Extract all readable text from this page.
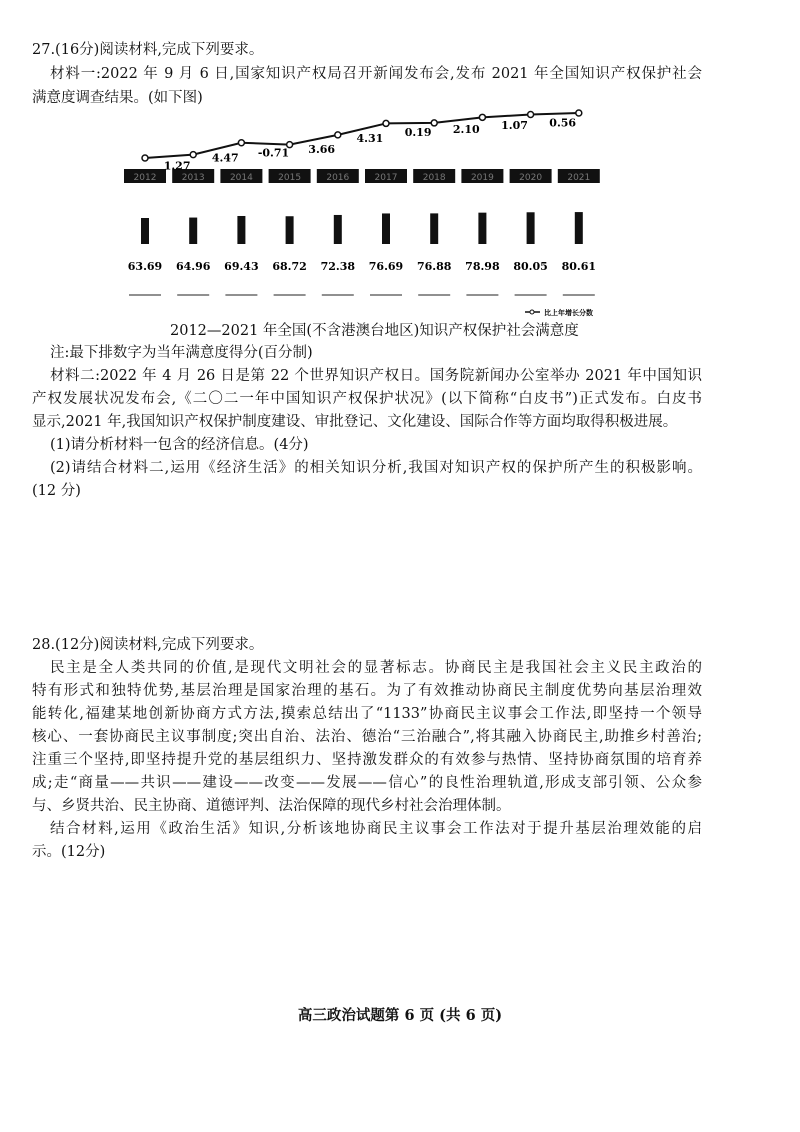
27.(16分)阅读材料,完成下列要求。
材料一:2022 年 9 月 6 日,国家知识产权局召开新闻发布会,发布 2021 年全国知识产权保护社会
满意度调查结果。(如下图)
2012
63.69
2013
64.96
2014
69.43
2015
68.72
2016
72.38
2017
76.69
2018
76.88
2019
78.98
2020
80.05
2021
80.61
1.27
4.47 -0.71 3.66
4.31 0.19 2.10 1.07 0.56
比上年增长分数
2012—2021 年全国(不含港澳台地区)知识产权保护社会满意度
注:最下排数字为当年满意度得分(百分制)
材料二:2022 年 4 月 26 日是第 22 个世界知识产权日。国务院新闻办公室举办 2021 年中国知识
产权发展状况发布会,《二〇二一年中国知识产权保护状况》(以下简称“白皮书”)正式发布。白皮书
显示,2021 年,我国知识产权保护制度建设、审批登记、文化建设、国际合作等方面均取得积极进展。
(1)请分析材料一包含的经济信息。(4分)
(2)请结合材料二,运用《经济生活》的相关知识分析,我国对知识产权的保护所产生的积极影响。
(12 分)
28.(12分)阅读材料,完成下列要求。
民主是全人类共同的价值,是现代文明社会的显著标志。协商民主是我国社会主义民主政治的
特有形式和独特优势,基层治理是国家治理的基石。为了有效推动协商民主制度优势向基层治理效
能转化,福建某地创新协商方式方法,摸索总结出了“1133”协商民主议事会工作法,即坚持一个领导
核心、一套协商民主议事制度;突出自治、法治、德治“三治融合”,将其融入协商民主,助推乡村善治;
注重三个坚持,即坚持提升党的基层组织力、坚持激发群众的有效参与热情、坚持协商氛围的培育养
成;走“商量——共识——建设——改变——发展——信心”的良性治理轨道,形成支部引领、公众参
与、乡贤共治、民主协商、道德评判、法治保障的现代乡村社会治理体制。
结合材料,运用《政治生活》知识,分析该地协商民主议事会工作法对于提升基层治理效能的启
示。(12分)
高三政治试题第 6 页 (共 6 页)
